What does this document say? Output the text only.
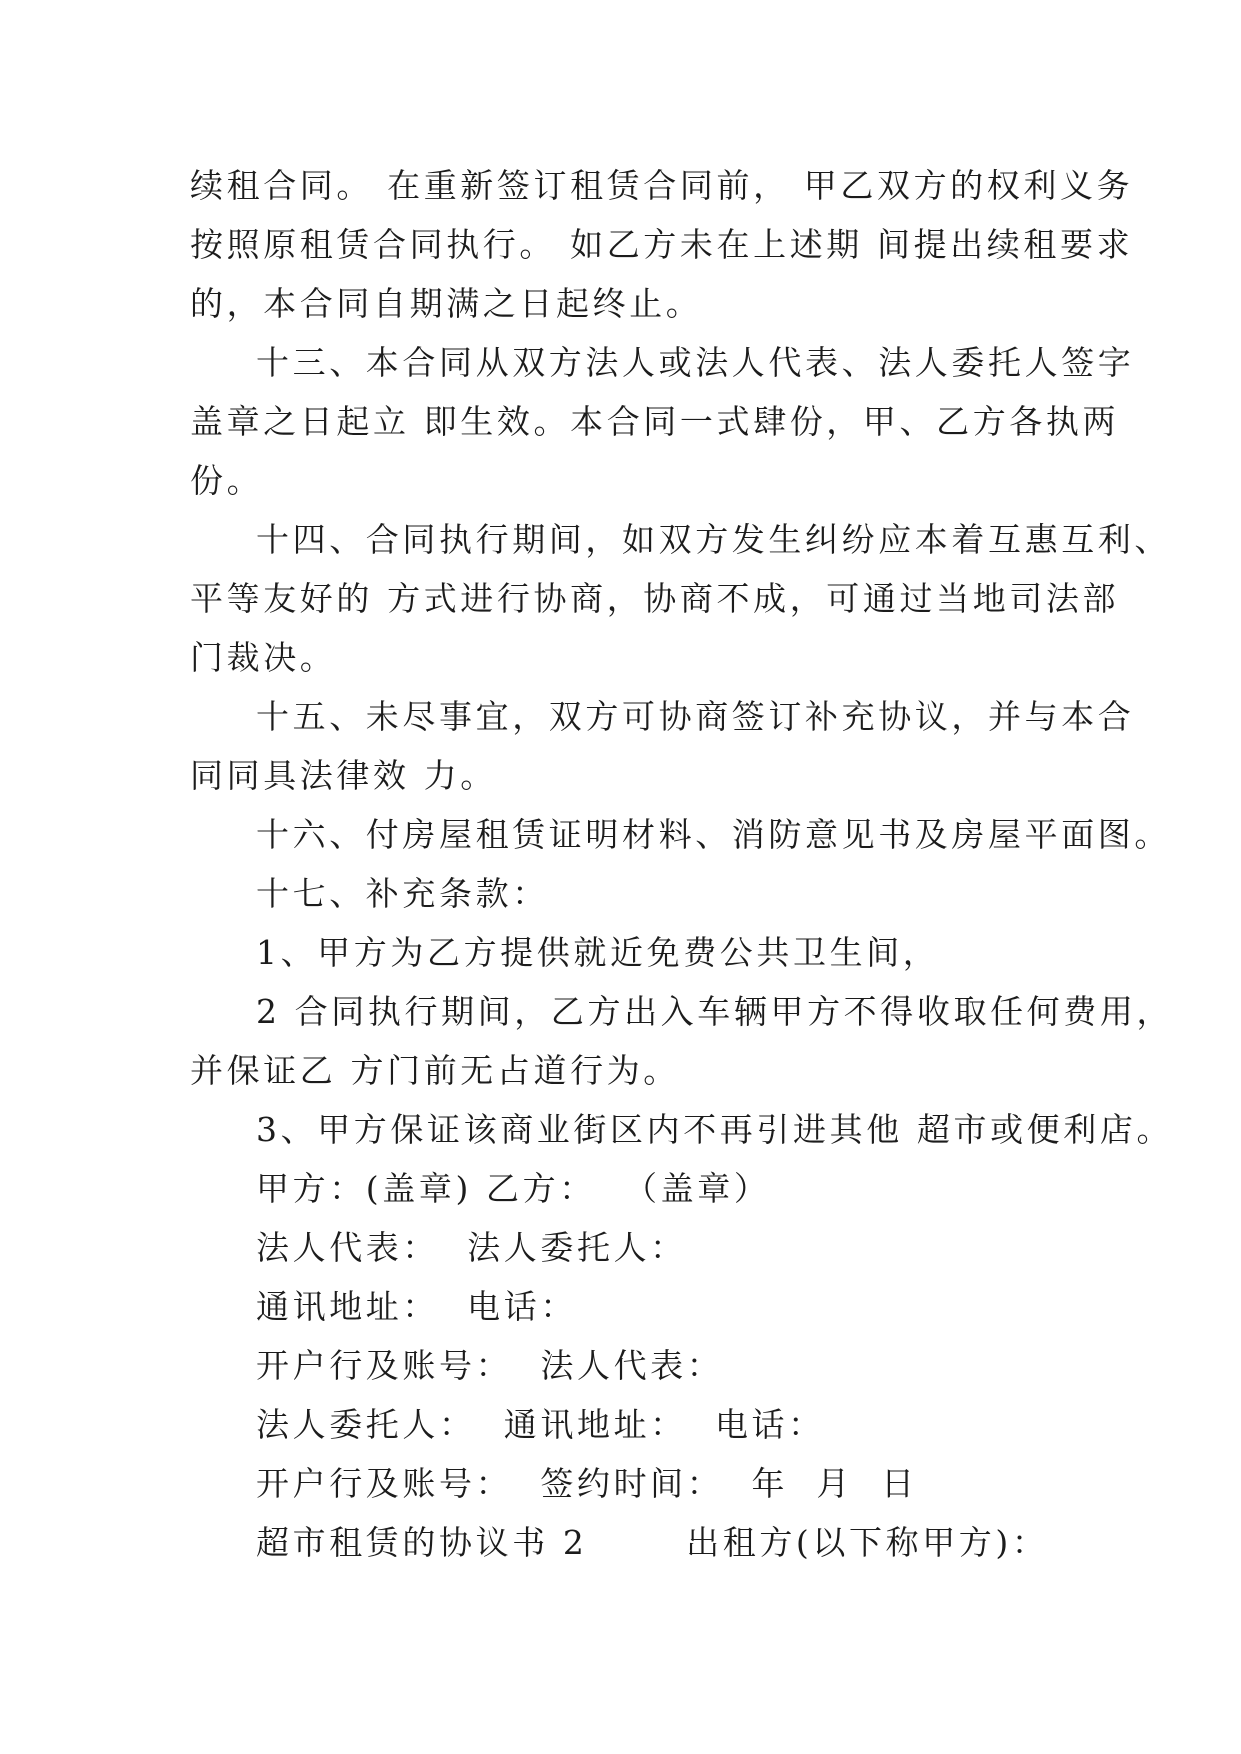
续租合同。 在重新签订租赁合同前， 甲乙双方的权利义务
按照原租赁合同执行。 如乙方未在上述期 间提出续租要求
的，本合同自期满之日起终止。
十三、本合同从双方法人或法人代表、法人委托人签字
盖章之日起立 即生效。本合同一式肆份，甲、乙方各执两
份。
十四、合同执行期间，如双方发生纠纷应本着互惠互利、
平等友好的 方式进行协商，协商不成，可通过当地司法部
门裁决。
十五、未尽事宜，双方可协商签订补充协议，并与本合
同同具法律效 力。
十六、付房屋租赁证明材料、消防意见书及房屋平面图。
十七、补充条款：
1、甲方为乙方提供就近免费公共卫生间，
2 合同执行期间，乙方出入车辆甲方不得收取任何费用，
并保证乙 方门前无占道行为。
3、甲方保证该商业街区内不再引进其他 超市或便利店。
甲方：(盖章) 乙方：  （盖章）
法人代表：  法人委托人：
通讯地址：  电话：
开户行及账号：  法人代表：
法人委托人：  通讯地址：  电话：
开户行及账号：  签约时间：  年  月  日
超市租赁的协议书 2       出租方(以下称甲方)：
